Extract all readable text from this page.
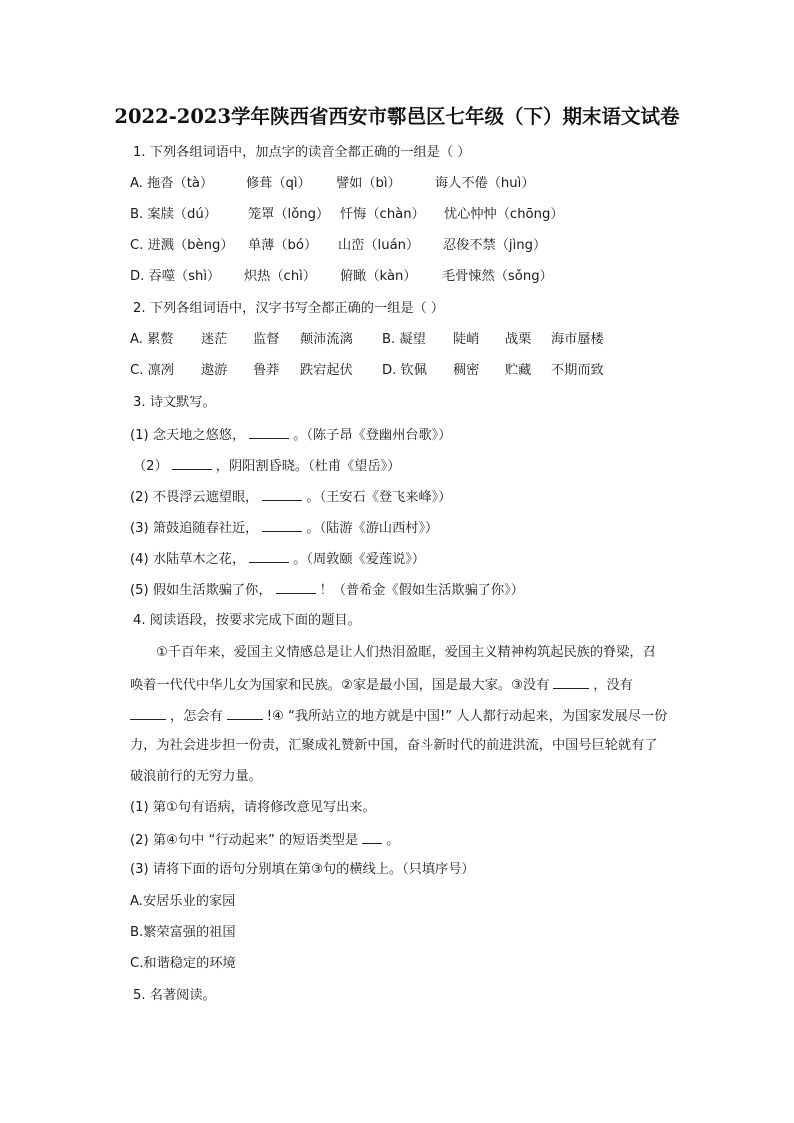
2022-2023学年陕西省西安市鄠邑区七年级（下）期末语文试卷
1. 下列各组词语中，加点字的读音全都正确的一组是（ ）
A. 拖沓（tà） 修葺（qì） 譬如（bì）	诲人不倦（huì）
B. 案牍（dú） 笼罩（lǒng） 忏悔（chàn） 忧心忡忡（chōng）
C. 迸溅（bèng） 单薄（bó） 山峦（luán） 忍俊不禁（jìng）
D. 吞噬（shì） 炽热（chì） 俯瞰（kàn） 毛骨悚然（sǒng）
2. 下列各组词语中，汉字书写全都正确的一组是（ ）
A. 累赘 迷茫 监督 颠沛流漓 B. 凝望 陡峭 战栗 海市蜃楼
C. 凛冽 遨游 鲁莽 跌宕起伏 D. 钦佩 稠密 贮藏 不期而致
3. 诗文默写。
(1) 念天地之悠悠，	。（陈子昂《登幽州台歌》）
（2）	，阴阳割昏晓。（杜甫《望岳》）
(2) 不畏浮云遮望眼，	。（王安石《登飞来峰》）
(3) 箫鼓追随春社近，	。（陆游《游山西村》）
(4) 水陆草木之花，	。（周敦颐《爱莲说》）
(5) 假如生活欺骗了你，	！（普希金《假如生活欺骗了你》）
4. 阅读语段，按要求完成下面的题目。
①千百年来，爱国主义情感总是让人们热泪盈眶，爱国主义精神构筑起民族的脊梁，召
唤着一代代中华儿女为国家和民族。②家是最小国，国是最大家。③没有	，没有
，怎会有	!④ “我所站立的地方就是中国!” 人人都行动起来，为国家发展尽一份
力，为社会进步担一份责，汇聚成礼赞新中国，奋斗新时代的前进洪流，中国号巨轮就有了
破浪前行的无穷力量。
(1) 第①句有语病，请将修改意见写出来。
(2) 第④句中 “行动起来” 的短语类型是 。
(3) 请将下面的语句分别填在第③句的横线上。（只填序号）
A.安居乐业的家园
B.繁荣富强的祖国
C.和谐稳定的环境
5. 名著阅读。
